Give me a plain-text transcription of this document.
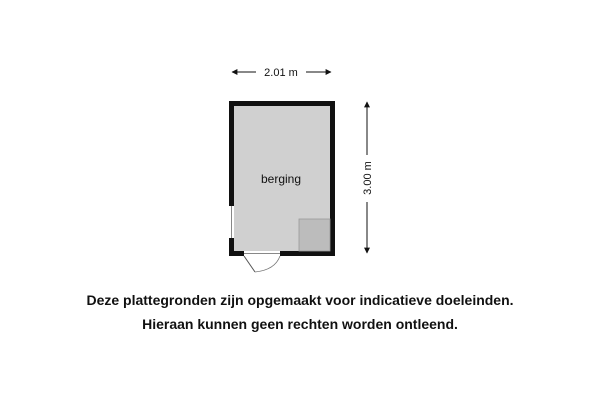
2.01 m
3.00 m
berging
Deze plattegronden zijn opgemaakt voor indicatieve doeleinden.
Hieraan kunnen geen rechten worden ontleend.
